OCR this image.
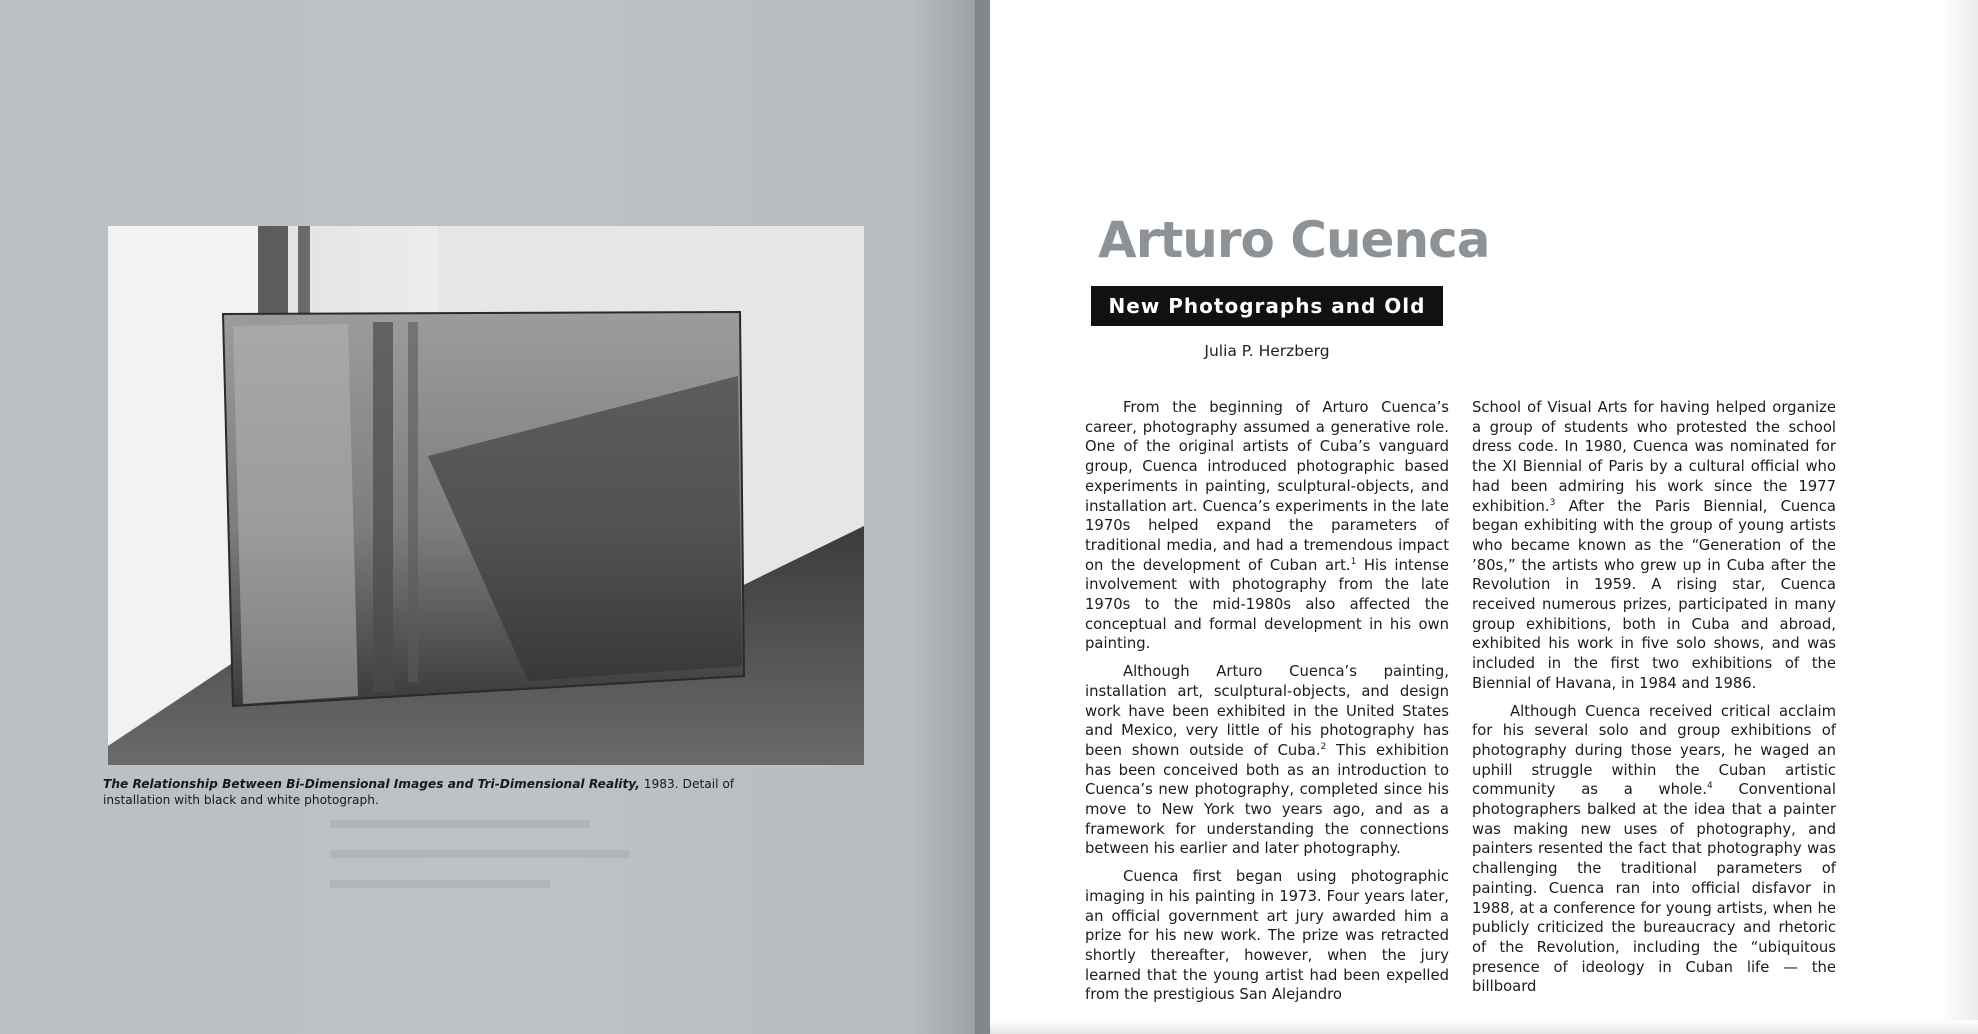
The Relationship Between Bi-Dimensional Images and Tri-Dimensional Reality, 1983. Detail of installation with black and white photograph.
Arturo Cuenca
New Photographs and Old
Julia P. Herzberg

From the beginning of Arturo Cuenca’s career, photography assumed a generative role. One of the original artists of Cuba’s vanguard group, Cuenca introduced photographic based experiments in painting, sculptural-objects, and installation art. Cuenca’s experiments in the late 1970s helped expand the parameters of traditional media, and had a tremendous impact on the development of Cuban art.$^1$ His intense involvement with photography from the late 1970s to the mid-1980s also affected the conceptual and formal development in his own painting.

Although Arturo Cuenca’s painting, installation art, sculptural-objects, and design work have been exhibited in the United States and Mexico, very little of his photography has been shown outside of Cuba.$^2$ This exhibition has been conceived both as an introduction to Cuenca’s new photography, completed since his move to New York two years ago, and as a framework for understanding the connections between his earlier and later photography.

Cuenca first began using photographic imaging in his painting in 1973. Four years later, an official government art jury awarded him a prize for his new work. The prize was retracted shortly thereafter, however, when the jury learned that the young artist had been expelled from the prestigious San Alejandro

School of Visual Arts for having helped organize a group of students who protested the school dress code. In 1980, Cuenca was nominated for the XI Biennial of Paris by a cultural official who had been admiring his work since the 1977 exhibition.$^3$ After the Paris Biennial, Cuenca began exhibiting with the group of young artists who became known as the “Generation of the ’80s,” the artists who grew up in Cuba after the Revolution in 1959. A rising star, Cuenca received numerous prizes, participated in many group exhibitions, both in Cuba and abroad, exhibited his work in five solo shows, and was included in the first two exhibitions of the Biennial of Havana, in 1984 and 1986.

Although Cuenca received critical acclaim for his several solo and group exhibitions of photography during those years, he waged an uphill struggle within the Cuban artistic community as a whole.$^4$ Conventional photographers balked at the idea that a painter was making new uses of photography, and painters resented the fact that photography was challenging the traditional parameters of painting. Cuenca ran into official disfavor in 1988, at a conference for young artists, when he publicly criticized the bureaucracy and rhetoric of the Revolution, including the “ubiquitous presence of ideology in Cuban life — the billboard
